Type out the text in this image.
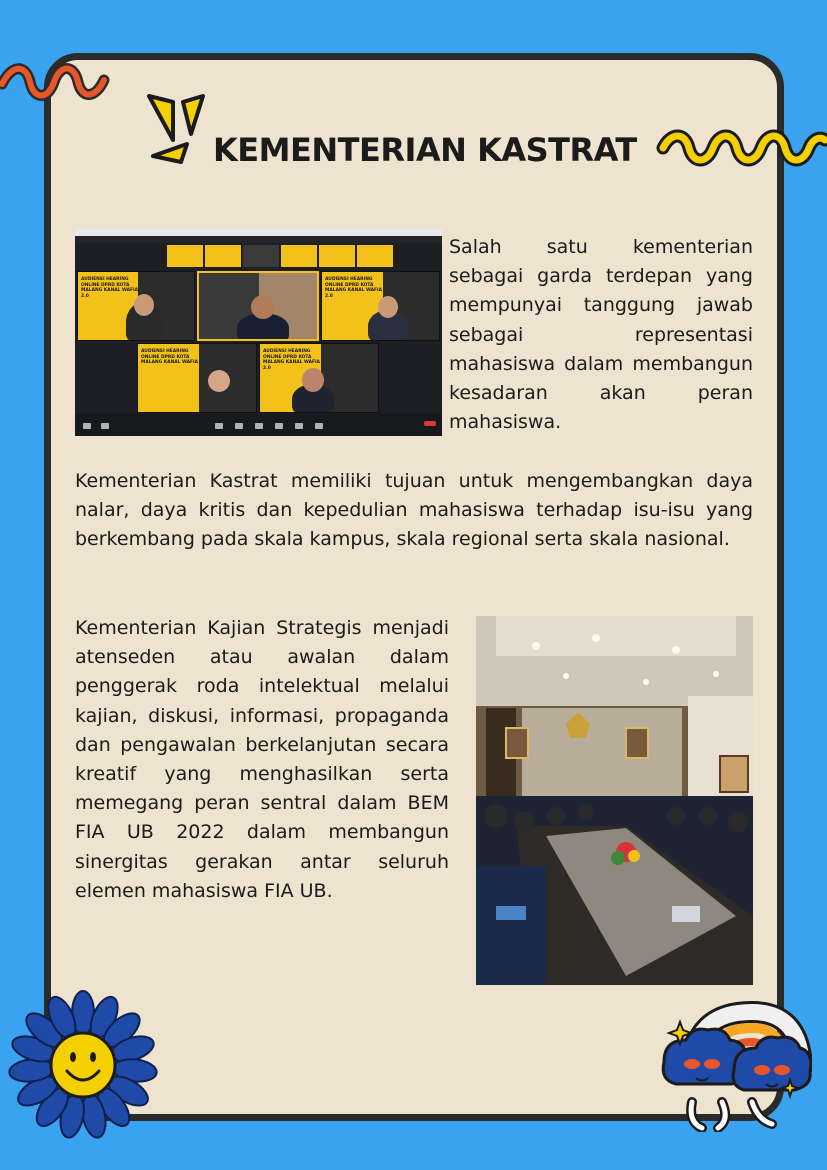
KEMENTERIAN KASTRAT
AUDIENSI HEARING ONLINE DPRD KOTA MALANG KANAL WAFIA 2.0
AUDIENSI HEARING ONLINE DPRD KOTA MALANG KANAL WAFIA 2.0
AUDIENSI HEARING ONLINE DPRD KOTA MALANG KANAL WAFIA
AUDIENSI HEARING ONLINE DPRD KOTA MALANG KANAL WAFIA 2.0

Salah satu kementerian sebagai garda terdepan yang mempunyai tanggung jawab sebagai representasi mahasiswa dalam membangun kesadaran akan peran mahasiswa.

Kementerian Kastrat memiliki tujuan untuk mengembangkan daya nalar, daya kritis dan kepedulian mahasiswa terhadap isu-isu yang berkembang pada skala kampus, skala regional serta skala nasional.

Kementerian Kajian Strategis menjadi atenseden atau awalan dalam penggerak roda intelektual melalui kajian, diskusi, informasi, propaganda dan pengawalan berkelanjutan secara kreatif yang menghasilkan serta memegang peran sentral dalam BEM FIA UB 2022 dalam membangun sinergitas gerakan antar seluruh elemen mahasiswa FIA UB.
